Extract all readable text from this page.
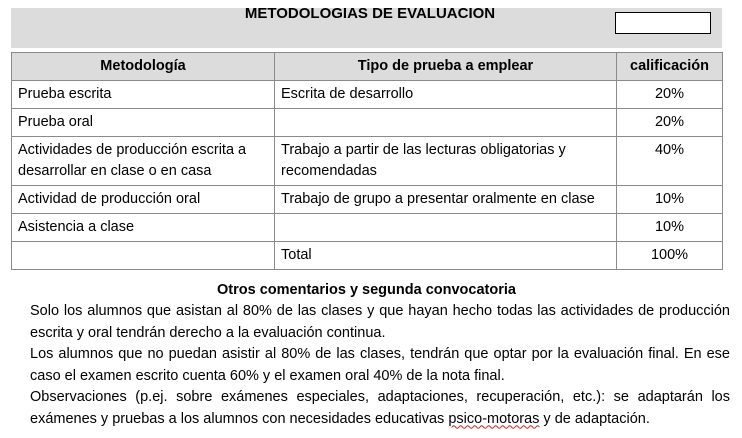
METODOLOGIAS DE EVALUACION
Metodología	Tipo de prueba a emplear	calificación
Prueba escrita	Escrita de desarrollo	20%
Prueba oral		20%
Actividades de producción escrita a desarrollar en clase o en casa	Trabajo a partir de las lecturas obligatorias y recomendadas	40%
Actividad de producción oral	Trabajo de grupo a presentar oralmente en clase	10%
Asistencia a clase		10%
	Total	100%
Otros comentarios y segunda convocatoria

Solo los alumnos que asistan al 80% de las clases y que hayan hecho todas las actividades de producción escrita y oral tendrán derecho a la evaluación continua.

Los alumnos que no puedan asistir al 80% de las clases, tendrán que optar por la evaluación final. En ese caso el examen escrito cuenta 60% y el examen oral 40% de la nota final.

Observaciones (p.ej. sobre exámenes especiales, adaptaciones, recuperación, etc.): se adaptarán los exámenes y pruebas a los alumnos con necesidades educativas psico-motoras y de adaptación.
